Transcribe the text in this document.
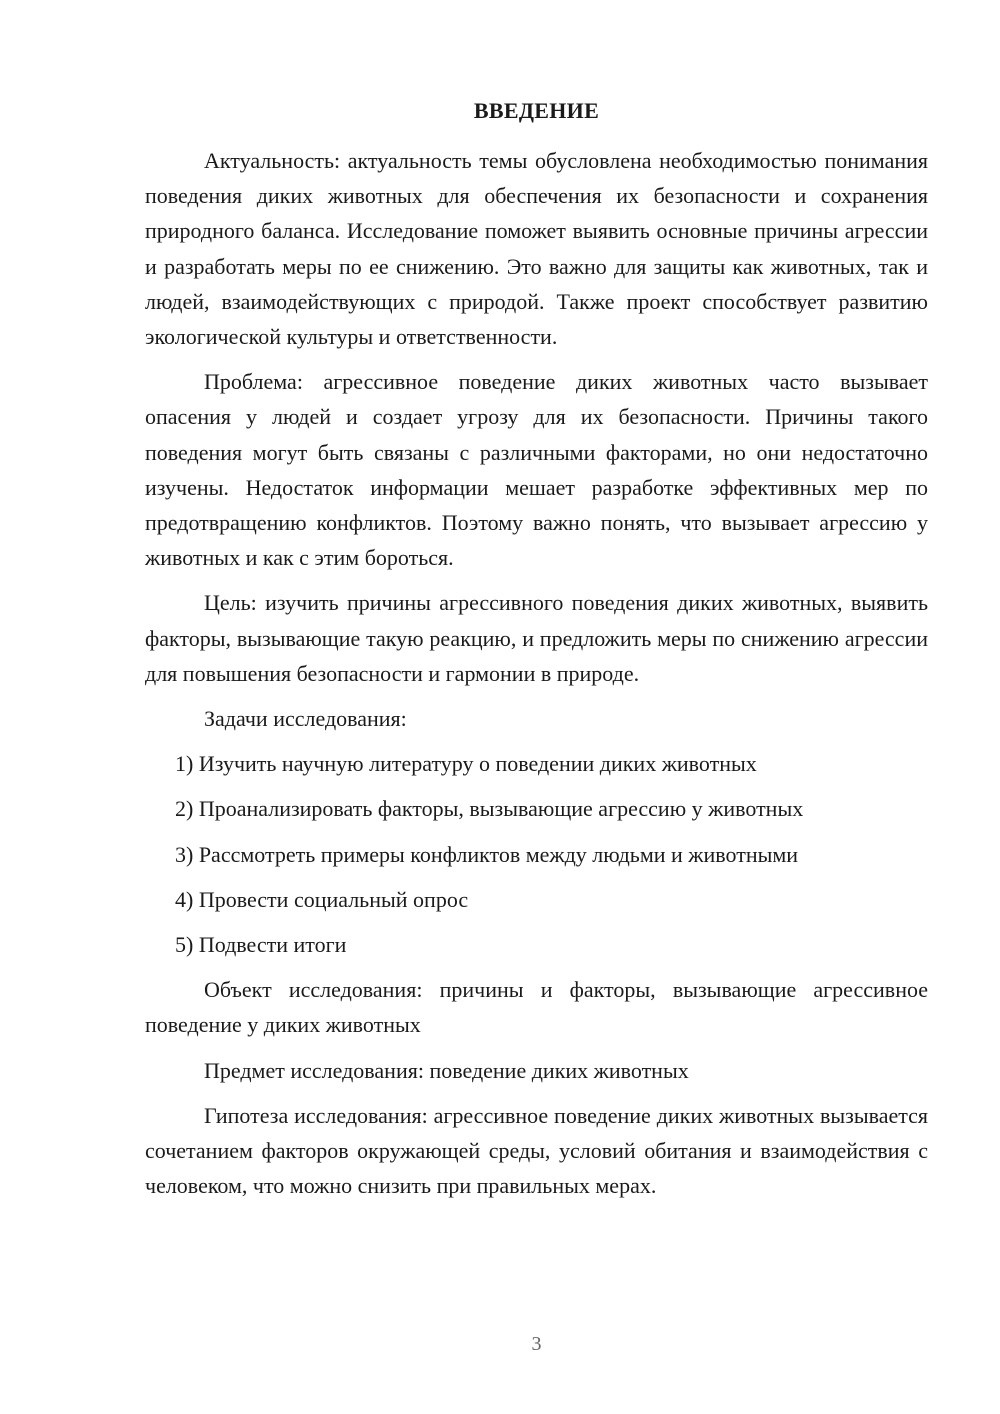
ВВЕДЕНИЕ

Актуальность: актуальность темы обусловлена необходимостью понимания поведения диких животных для обеспечения их безопасности и сохранения природного баланса. Исследование поможет выявить основные причины агрессии и разработать меры по ее снижению. Это важно для защиты как животных, так и людей, взаимодействующих с природой. Также проект способствует развитию экологической культуры и ответственности.

Проблема: агрессивное поведение диких животных часто вызывает опасения у людей и создает угрозу для их безопасности. Причины такого поведения могут быть связаны с различными факторами, но они недостаточно изучены. Недостаток информации мешает разработке эффективных мер по предотвращению конфликтов. Поэтому важно понять, что вызывает агрессию у животных и как с этим бороться.

Цель: изучить причины агрессивного поведения диких животных, выявить факторы, вызывающие такую реакцию, и предложить меры по снижению агрессии для повышения безопасности и гармонии в природе.

Задачи исследования:

1) Изучить научную литературу о поведении диких животных
2) Проанализировать факторы, вызывающие агрессию у животных
3) Рассмотреть примеры конфликтов между людьми и животными
4) Провести социальный опрос
5) Подвести итоги

Объект исследования: причины и факторы, вызывающие агрессивное поведение у диких животных

Предмет исследования: поведение диких животных

Гипотеза исследования: агрессивное поведение диких животных вызывается сочетанием факторов окружающей среды, условий обитания и взаимодействия с человеком, что можно снизить при правильных мерах.

3
